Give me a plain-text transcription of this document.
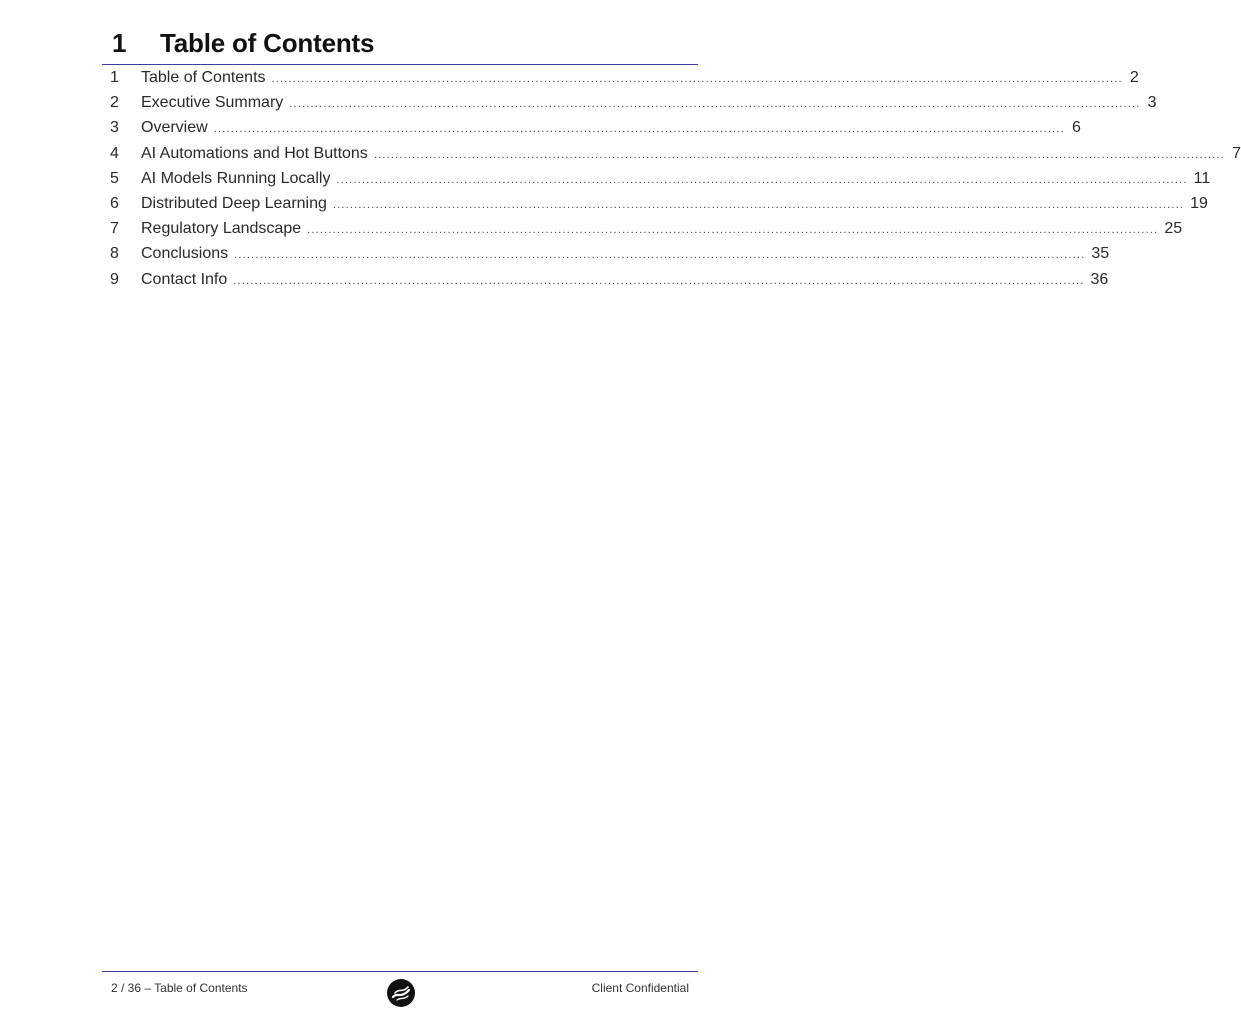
1 Table of Contents
1	Table of Contents ........................................................................................................................................................................................................ 2
2	Executive Summary ........................................................................................................................................................................................................ 3
3	Overview ........................................................................................................................................................................................................ 6
4	AI Automations and Hot Buttons ........................................................................................................................................................................................................ 7
5	AI Models Running Locally ........................................................................................................................................................................................................ 11
6	Distributed Deep Learning ........................................................................................................................................................................................................ 19
7	Regulatory Landscape ........................................................................................................................................................................................................ 25
8	Conclusions ........................................................................................................................................................................................................ 35
9	Contact Info ........................................................................................................................................................................................................ 36
2 / 36 – Table of Contents	Client Confidential
